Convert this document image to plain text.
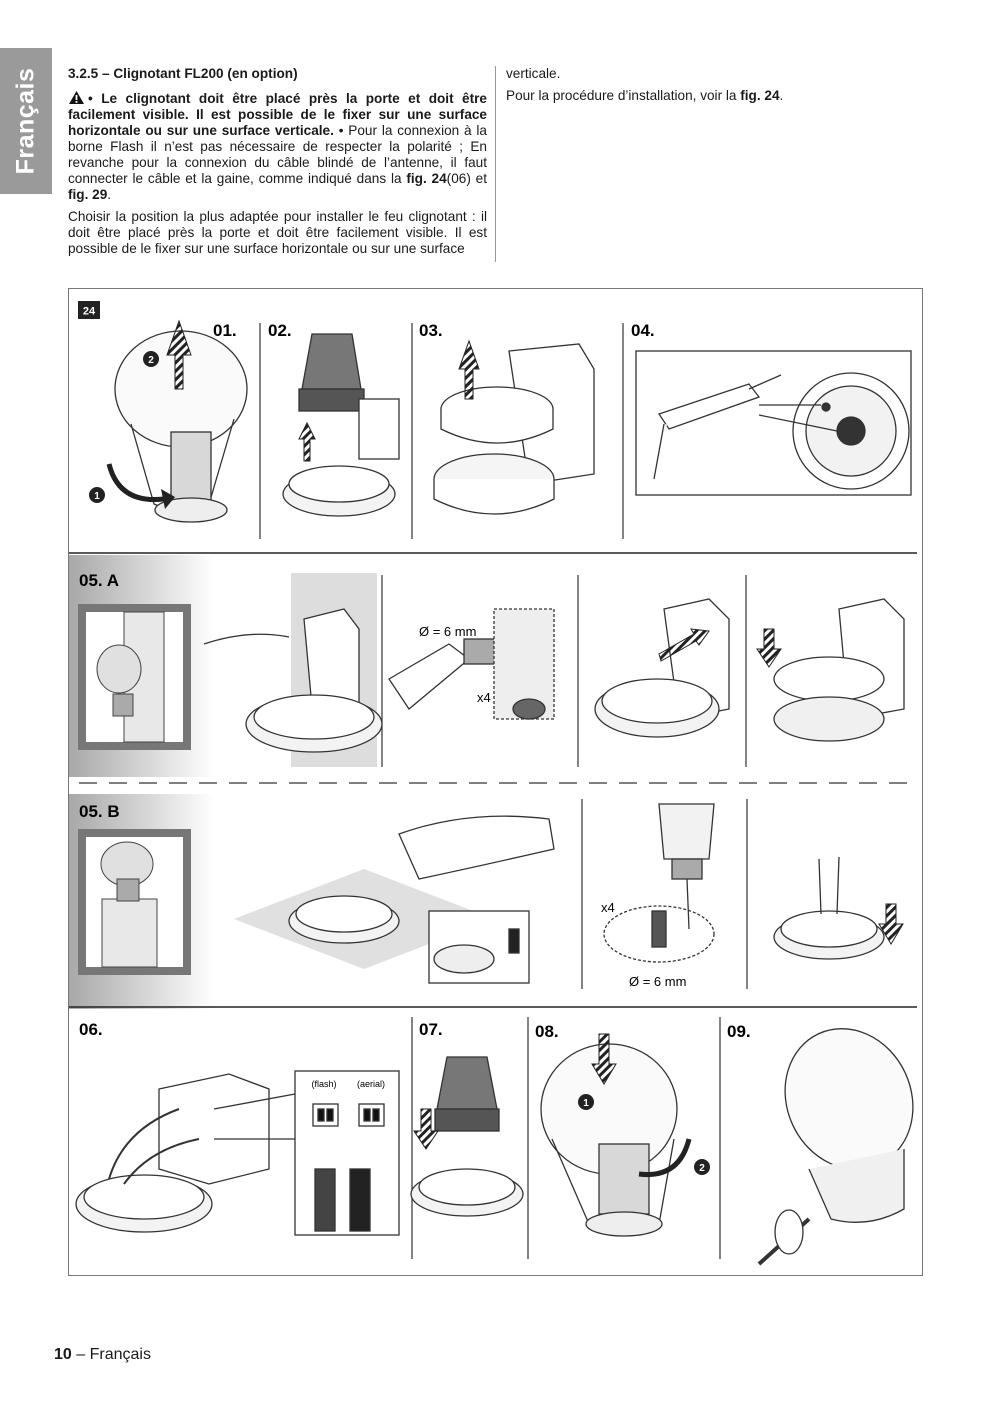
Français 3.2.5 – Clignotant FL200 (en option)

• Le clignotant doit être placé près la porte et doit être facilement visible. Il est possible de le fixer sur une surface horizontale ou sur une surface verticale. • Pour la connexion à la borne Flash il n’est pas nécessaire de respecter la polarité ; En revanche pour la connexion du câble blindé de l’antenne, il faut connecter le câble et la gaine, comme indiqué dans la fig. 24(06) et fig. 29.

Choisir la position la plus adaptée pour installer le feu clignotant : il doit être placé près la porte et doit être facilement visible. Il est possible de le fixer sur une surface horizontale ou sur une surface

verticale.

Pour la procédure d’installation, voir la fig. 24.

24
01. 02.	03.	04.
2
1
05. A
Ø = 6 mm
x4
05. B
x4
Ø = 6 mm
06.	07.	08.	09.
(flash) (aerial)
1
2
10 – Français
